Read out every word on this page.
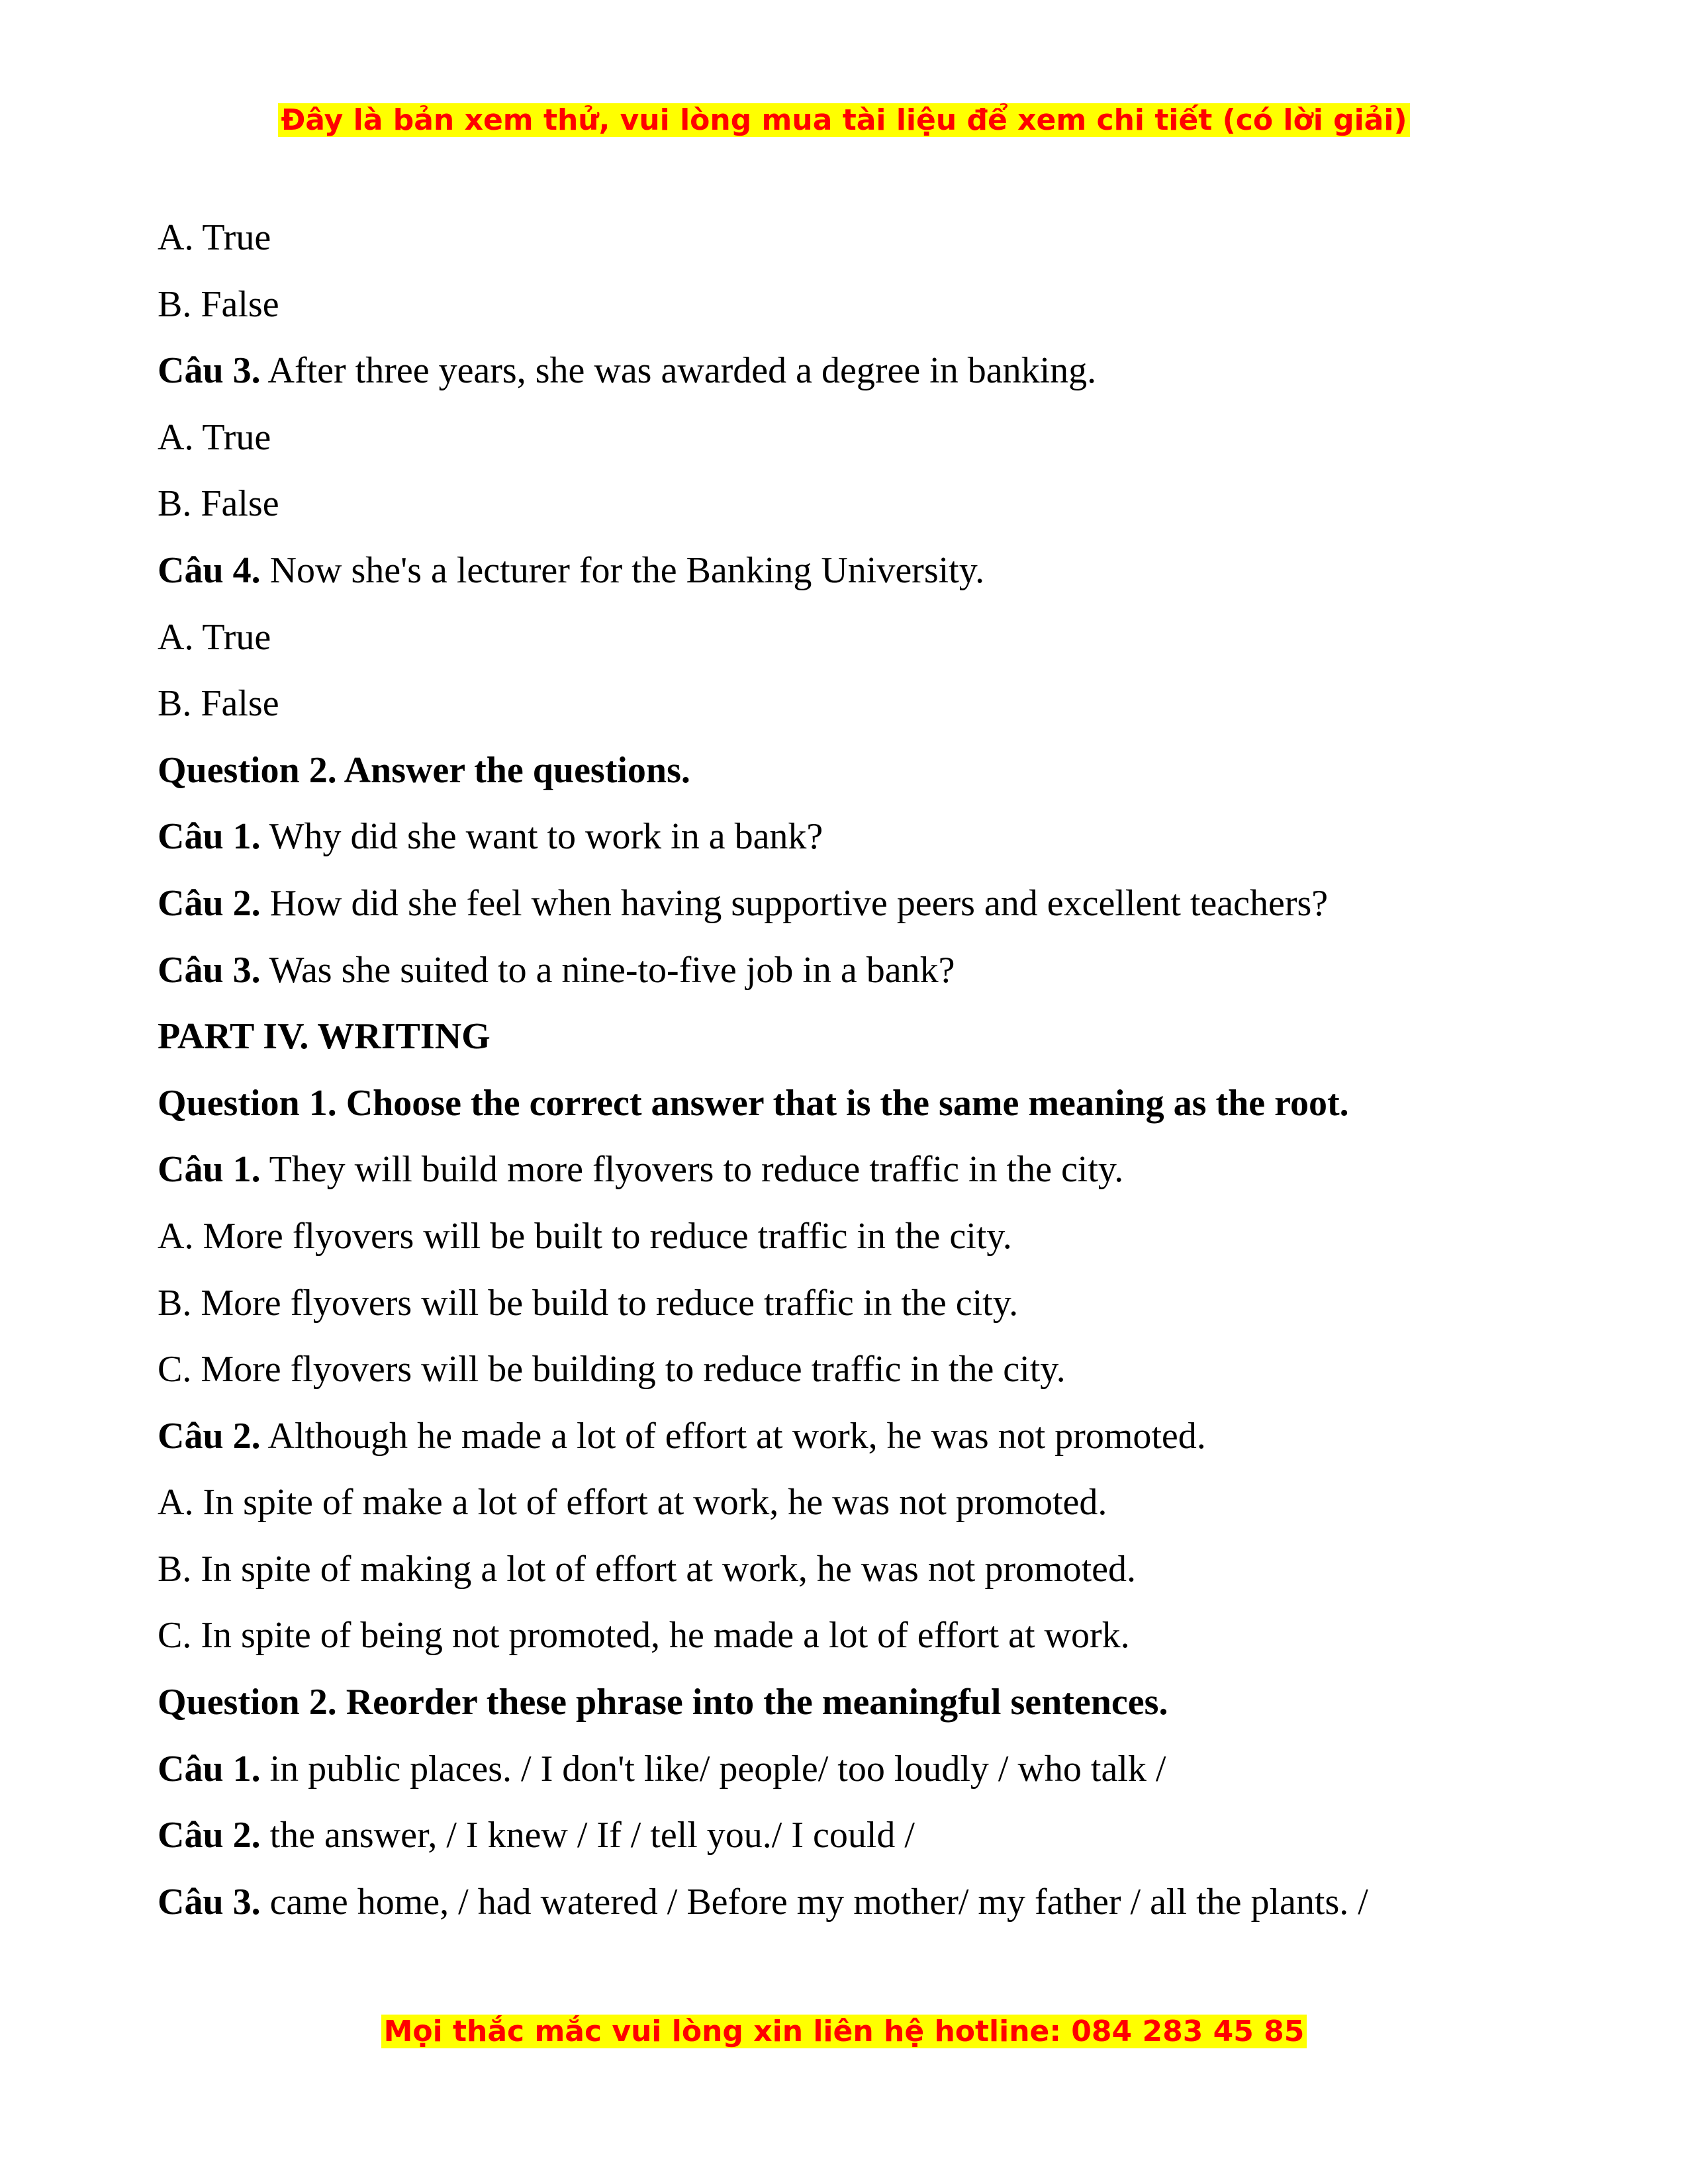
Đây là bản xem thử, vui lòng mua tài liệu để xem chi tiết (có lời giải)
A. True
B. False
Câu 3. After three years, she was awarded a degree in banking.
A. True
B. False
Câu 4. Now she's a lecturer for the Banking University.
A. True
B. False
Question 2. Answer the questions.
Câu 1. Why did she want to work in a bank?
Câu 2. How did she feel when having supportive peers and excellent teachers?
Câu 3. Was she suited to a nine-to-five job in a bank?
PART IV. WRITING
Question 1. Choose the correct answer that is the same meaning as the root.
Câu 1. They will build more flyovers to reduce traffic in the city.
A. More flyovers will be built to reduce traffic in the city.
B. More flyovers will be build to reduce traffic in the city.
C. More flyovers will be building to reduce traffic in the city.
Câu 2. Although he made a lot of effort at work, he was not promoted.
A. In spite of make a lot of effort at work, he was not promoted.
B. In spite of making a lot of effort at work, he was not promoted.
C. In spite of being not promoted, he made a lot of effort at work.
Question 2. Reorder these phrase into the meaningful sentences.
Câu 1. in public places. / I don't like/ people/ too loudly / who talk /
Câu 2. the answer, / I knew / If / tell you./ I could /
Câu 3. came home, / had watered / Before my mother/ my father / all the plants. /
Mọi thắc mắc vui lòng xin liên hệ hotline: 084 283 45 85
